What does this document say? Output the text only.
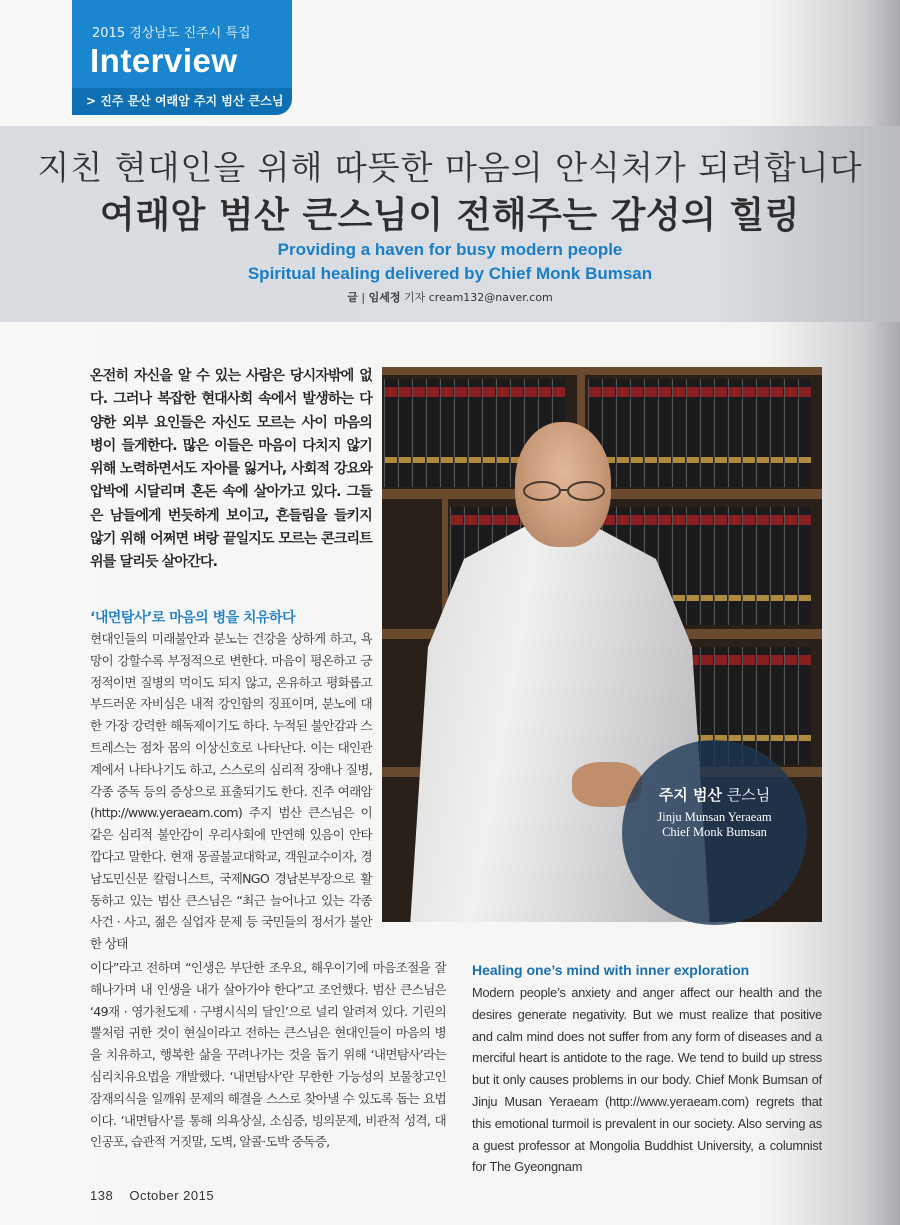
2015 경상남도 진주시 특집
Interview
> 진주 문산 여래암 주지 범산 큰스님
지친 현대인을 위해 따뜻한 마음의 안식처가 되려합니다
여래암 범산 큰스님이 전해주는 감성의 힐링
Providing a haven for busy modern people
Spiritual healing delivered by Chief Monk Bumsan
글 | 임세정 기자 cream132@naver.com
온전히 자신을 알 수 있는 사람은 당시자밖에 없다. 그러나 복잡한 현대사회 속에서 발생하는 다양한 외부 요인들은 자신도 모르는 사이 마음의 병이 들게한다. 많은 이들은 마음이 다치지 않기 위해 노력하면서도 자아를 잃거나, 사회적 강요와 압박에 시달리며 혼돈 속에 살아가고 있다. 그들은 남들에게 번듯하게 보이고, 흔들림을 들키지 않기 위해 어쩌면 벼랑 끝일지도 모르는 콘크리트 위를 달리듯 살아간다.
주지 범산 큰스님
Jinju Munsan Yeraeam
Chief Monk Bumsan
‘내면탐사’로 마음의 병을 치유하다
현대인들의 미래불안과 분노는 건강을 상하게 하고, 욕망이 강할수록 부정적으로 변한다. 마음이 평온하고 긍정적이면 질병의 먹이도 되지 않고, 온유하고 평화롭고 부드러운 자비심은 내적 강인함의 징표이며, 분노에 대한 가장 강력한 해독제이기도 하다. 누적된 불안감과 스트레스는 점차 몸의 이상신호로 나타난다. 이는 대인관계에서 나타나기도 하고, 스스로의 심리적 장애나 질병, 각종 중독 등의 증상으로 표출되기도 한다. 진주 여래암(http://www.yeraeam.com) 주지 범산 큰스님은 이 같은 심리적 불안감이 우리사회에 만연해 있음이 안타깝다고 말한다. 현재 몽골불교대학교, 객원교수이자, 경남도민신문 칼럼니스트, 국제NGO 경남본부장으로 활동하고 있는 범산 큰스님은 “최근 늘어나고 있는 각종 사건 · 사고, 젊은 실업자 문제 등 국민들의 정서가 불안한 상태
이다”라고 전하며 “인생은 부단한 조우요, 해우이기에 마음조절을 잘해나가며 내 인생을 내가 살아가야 한다”고 조언했다. 범산 큰스님은 ‘49재 · 영가천도제 · 구병시식의 달인’으로 널리 알려져 있다. 기린의 뿔처럼 귀한 것이 현실이라고 전하는 큰스님은 현대인들이 마음의 병을 치유하고, 행복한 삶을 꾸려나가는 것을 돕기 위해 ‘내면탐사’라는 심리치유요법을 개발했다. ‘내면탐사’란 무한한 가능성의 보물창고인 잠재의식을 일깨워 문제의 해결을 스스로 찾아낼 수 있도록 돕는 요법이다. ‘내면탐사’를 통해 의욕상실, 소심증, 빙의문제, 비관적 성격, 대인공포, 습관적 거짓말, 도벽, 알콜·도박 중독증,
Healing one’s mind with inner exploration
Modern people’s anxiety and anger affect our health and the desires generate negativity. But we must realize that positive and calm mind does not suffer from any form of diseases and a merciful heart is antidote to the rage. We tend to build up stress but it only causes problems in our body. Chief Monk Bumsan of Jinju Musan Yeraeam (http://www.yeraeam.com) regrets that this emotional turmoil is prevalent in our society. Also serving as a guest professor at Mongolia Buddhist University, a columnist for The Gyeongnam
138 October 2015
